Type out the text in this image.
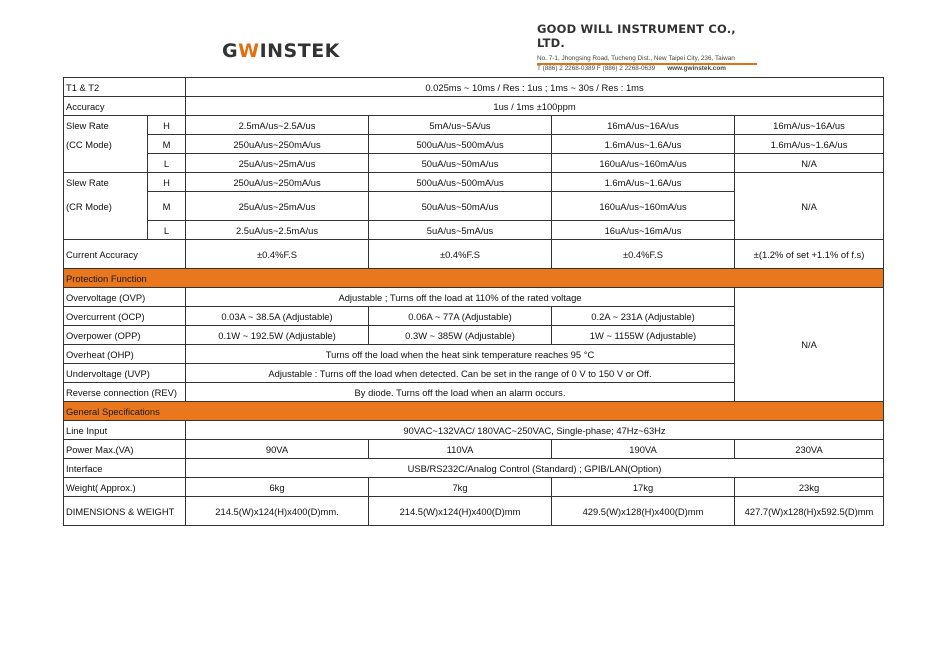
GWINSTEK
GOOD WILL INSTRUMENT CO., LTD.
No. 7-1, Jhongsing Road, Tucheng Dist., New Taipei City, 236, Taiwan
T (886) 2 2268-0389 F (886) 2 2268-0639 www.gwinstek.com
T1 & T2		0.025ms ~ 10ms / Res : 1us ; 1ms ~ 30s / Res : 1ms			
Accuracy		1us / 1ms ±100ppm			
Slew Rate	H	2.5mA/us~2.5A/us	5mA/us~5A/us	16mA/us~16A/us	16mA/us~16A/us
(CC Mode)	M	250uA/us~250mA/us	500uA/us~500mA/us	1.6mA/us~1.6A/us	1.6mA/us~1.6A/us
	L	25uA/us~25mA/us	50uA/us~50mA/us	160uA/us~160mA/us	N/A
Slew Rate	H	250uA/us~250mA/us	500uA/us~500mA/us	1.6mA/us~1.6A/us	N/A
(CR Mode)	M	25uA/us~25mA/us	50uA/us~50mA/us	160uA/us~160mA/us	
	L	2.5uA/us~2.5mA/us	5uA/us~5mA/us	16uA/us~16mA/us	
Current Accuracy		±0.4%F.S	±0.4%F.S	±0.4%F.S	±(1.2% of set +1.1% of f.s)
Protection Function					
Overvoltage (OVP)		Adjustable ; Turns off the load at 110% of the rated voltage			N/A
Overcurrent (OCP)		0.03A ~ 38.5A (Adjustable)	0.06A ~ 77A (Adjustable)	0.2A ~ 231A (Adjustable)	
Overpower (OPP)		0.1W ~ 192.5W (Adjustable)	0.3W ~ 385W (Adjustable)	1W ~ 1155W (Adjustable)	
Overheat (OHP)		Turns off the load when the heat sink temperature reaches 95 °C			
Undervoltage (UVP)		Adjustable : Turns off the load when detected. Can be set in the range of 0 V to 150 V or Off.			
Reverse connection (REV)		By diode. Turns off the load when an alarm occurs.			
General Specifications					
Line Input		90VAC~132VAC/ 180VAC~250VAC, Single-phase; 47Hz~63Hz			
Power Max.(VA)		90VA	110VA	190VA	230VA
Interface		USB/RS232C/Analog Control (Standard) ; GPIB/LAN(Option)			
Weight( Approx.)		6kg	7kg	17kg	23kg
DIMENSIONS & WEIGHT		214.5(W)x124(H)x400(D)mm.	214.5(W)x124(H)x400(D)mm	429.5(W)x128(H)x400(D)mm	427.7(W)x128(H)x592.5(D)mm
